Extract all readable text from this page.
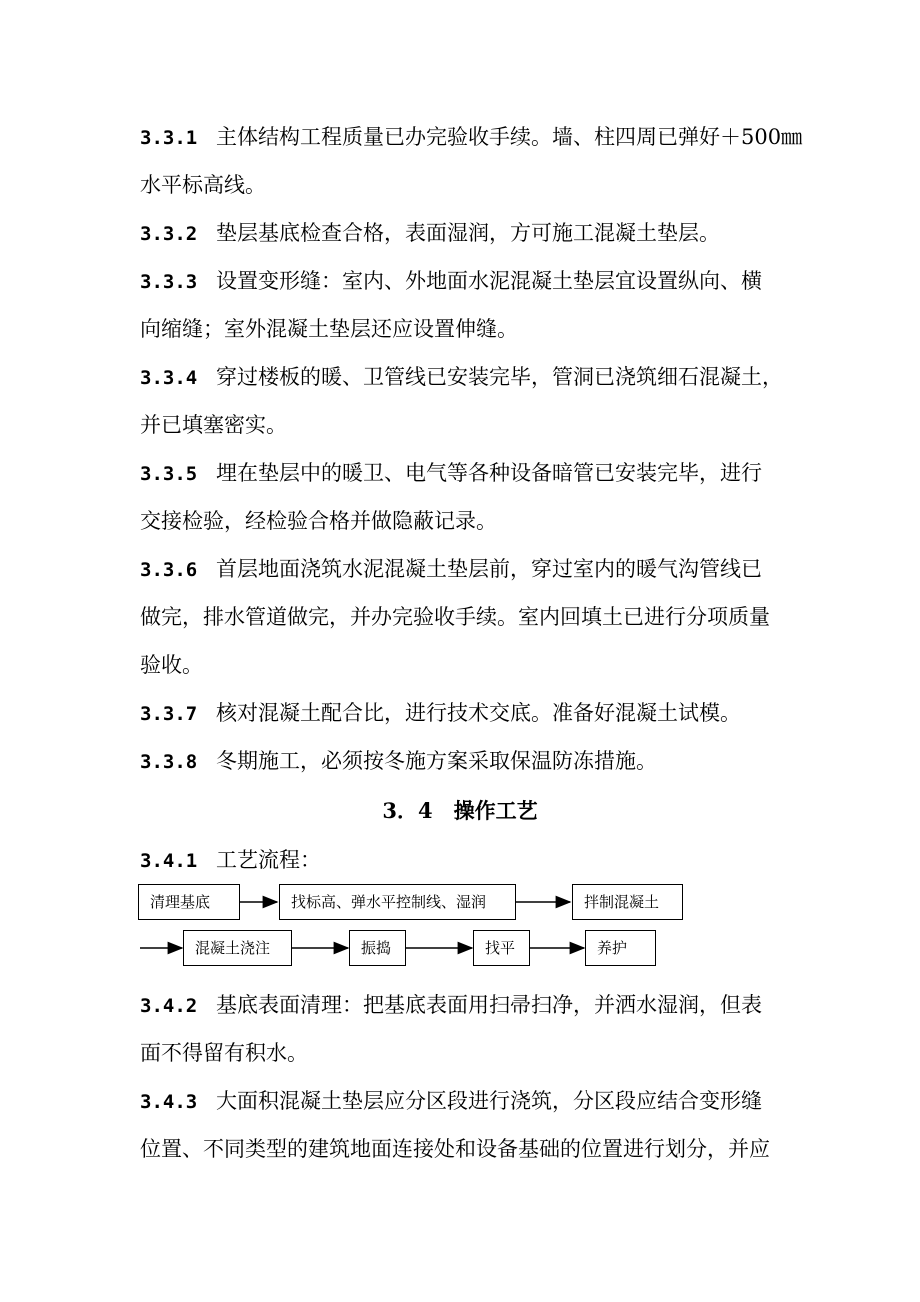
3.3.1 主体结构工程质量已办完验收手续。墙、柱四周已弹好＋500㎜
水平标高线。
3.3.2 垫层基底检查合格，表面湿润，方可施工混凝土垫层。
3.3.3 设置变形缝：室内、外地面水泥混凝土垫层宜设置纵向、横
向缩缝；室外混凝土垫层还应设置伸缝。
3.3.4 穿过楼板的暖、卫管线已安装完毕，管洞已浇筑细石混凝土，
并已填塞密实。
3.3.5 埋在垫层中的暖卫、电气等各种设备暗管已安装完毕，进行
交接检验，经检验合格并做隐蔽记录。
3.3.6 首层地面浇筑水泥混凝土垫层前，穿过室内的暖气沟管线已
做完，排水管道做完，并办完验收手续。室内回填土已进行分项质量
验收。
3.3.7 核对混凝土配合比，进行技术交底。准备好混凝土试模。
3.3.8 冬期施工，必须按冬施方案采取保温防冻措施。
3．4　操作工艺
3.4.1 工艺流程：
清理基底	找标高、弹水平控制线、湿润	拌制混凝土
混凝土浇注	振捣	找平	养护
3.4.2 基底表面清理：把基底表面用扫帚扫净，并洒水湿润，但表
面不得留有积水。
3.4.3 大面积混凝土垫层应分区段进行浇筑，分区段应结合变形缝
位置、不同类型的建筑地面连接处和设备基础的位置进行划分，并应
